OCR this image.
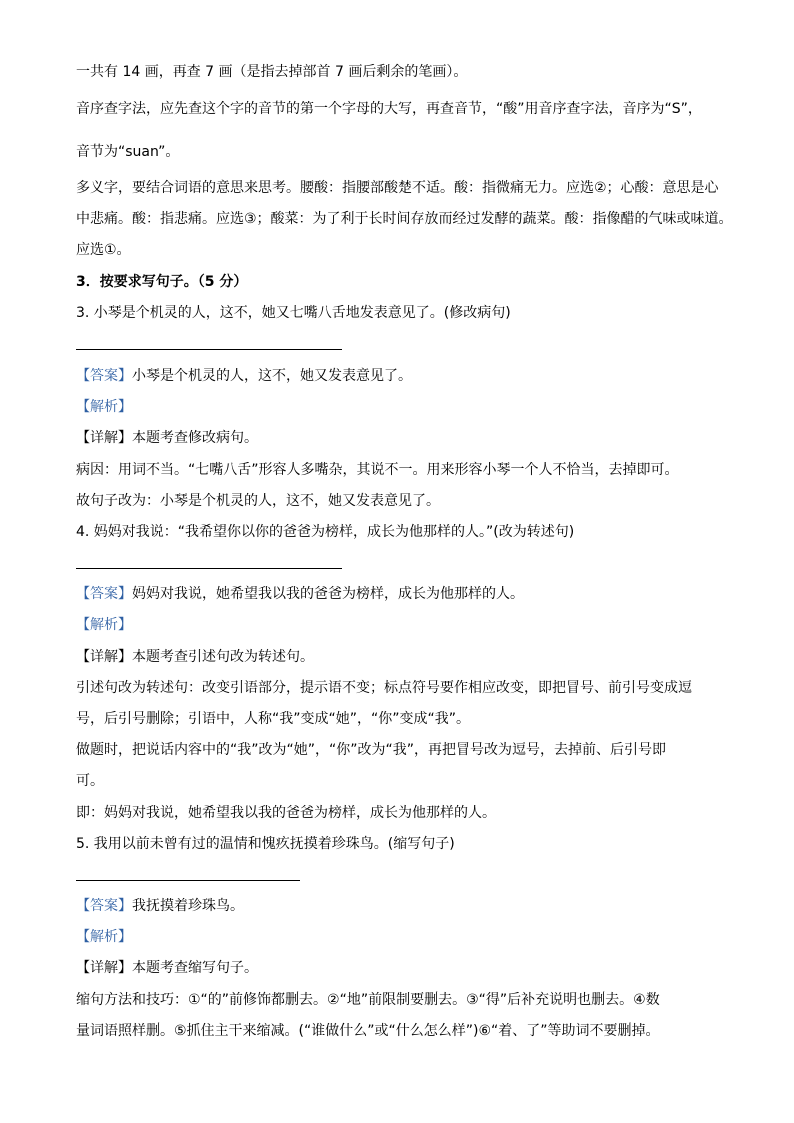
一共有 14 画，再查 7 画（是指去掉部首 7 画后剩余的笔画）。
音序查字法，应先查这个字的音节的第一个字母的大写，再查音节，“酸”用音序查字法，音序为“S”，
音节为“suan”。
多义字，要结合词语的意思来思考。腰酸：指腰部酸楚不适。酸：指微痛无力。应选②；心酸：意思是心
中悲痛。酸：指悲痛。应选③；酸菜：为了利于长时间存放而经过发酵的蔬菜。酸：指像醋的气味或味道。
应选①。
3．按要求写句子。（5 分）
3. 小琴是个机灵的人，这不，她又七嘴八舌地发表意见了。(修改病句)
【答案】小琴是个机灵的人，这不，她又发表意见了。
【解析】
【详解】本题考查修改病句。
病因：用词不当。“七嘴八舌”形容人多嘴杂，其说不一。用来形容小琴一个人不恰当，去掉即可。
故句子改为：小琴是个机灵的人，这不，她又发表意见了。
4. 妈妈对我说：“我希望你以你的爸爸为榜样，成长为他那样的人。”(改为转述句)
【答案】妈妈对我说，她希望我以我的爸爸为榜样，成长为他那样的人。
【解析】
【详解】本题考查引述句改为转述句。
引述句改为转述句：改变引语部分，提示语不变；标点符号要作相应改变，即把冒号、前引号变成逗
号，后引号删除；引语中，人称“我”变成“她”，“你”变成“我”。
做题时，把说话内容中的“我”改为“她”，“你”改为“我”，再把冒号改为逗号，去掉前、后引号即
可。
即：妈妈对我说，她希望我以我的爸爸为榜样，成长为他那样的人。
5. 我用以前未曾有过的温情和愧疚抚摸着珍珠鸟。(缩写句子)
【答案】我抚摸着珍珠鸟。
【解析】
【详解】本题考查缩写句子。
缩句方法和技巧：①“的”前修饰都删去。②“地”前限制要删去。③“得”后补充说明也删去。④数
量词语照样删。⑤抓住主干来缩减。(“谁做什么”或“什么怎么样”)⑥“着、了”等助词不要删掉。
